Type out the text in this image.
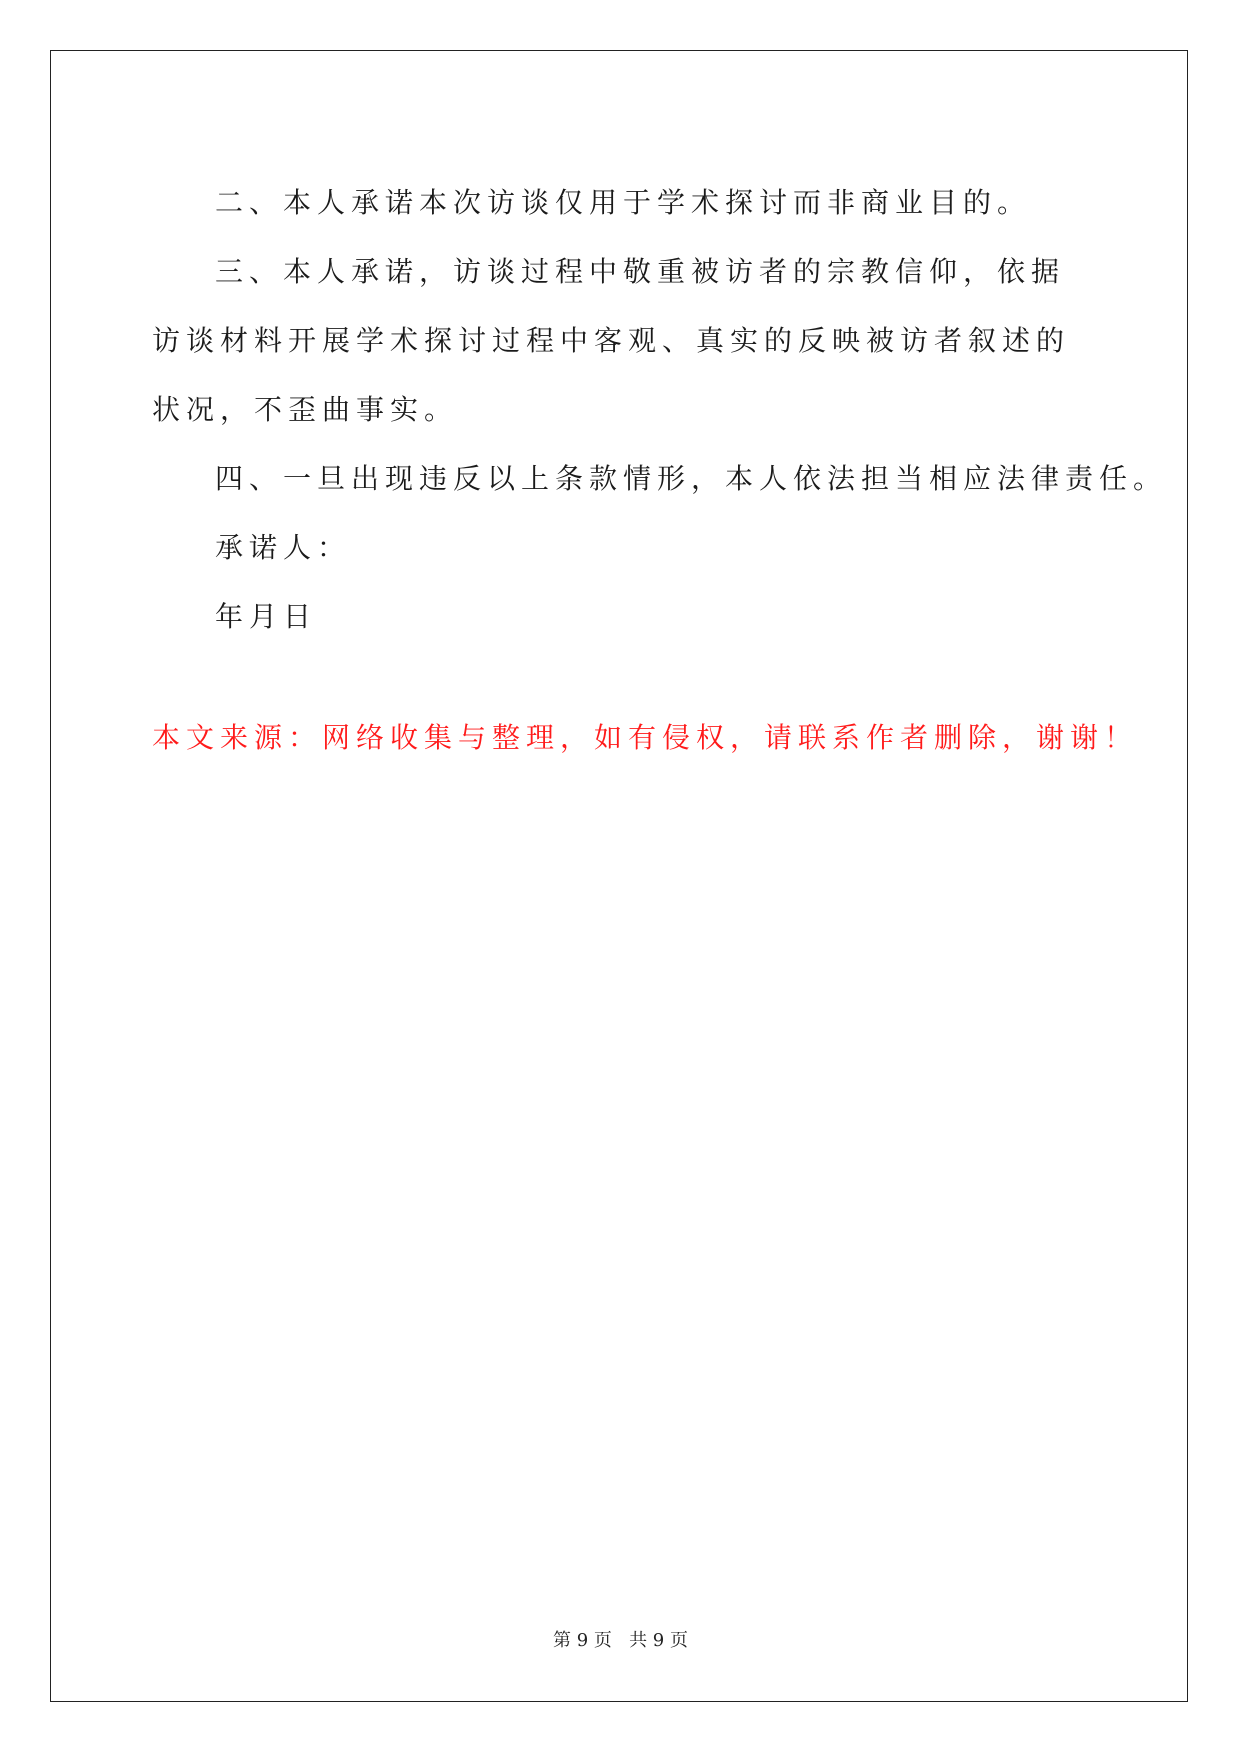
二、本人承诺本次访谈仅用于学术探讨而非商业目的。

三、本人承诺，访谈过程中敬重被访者的宗教信仰，依据访谈材料开展学术探讨过程中客观、真实的反映被访者叙述的状况，不歪曲事实。

四、一旦出现违反以上条款情形，本人依法担当相应法律责任。

承诺人：

年月日

本文来源：网络收集与整理，如有侵权，请联系作者删除，谢谢！

第 9 页   共 9 页
